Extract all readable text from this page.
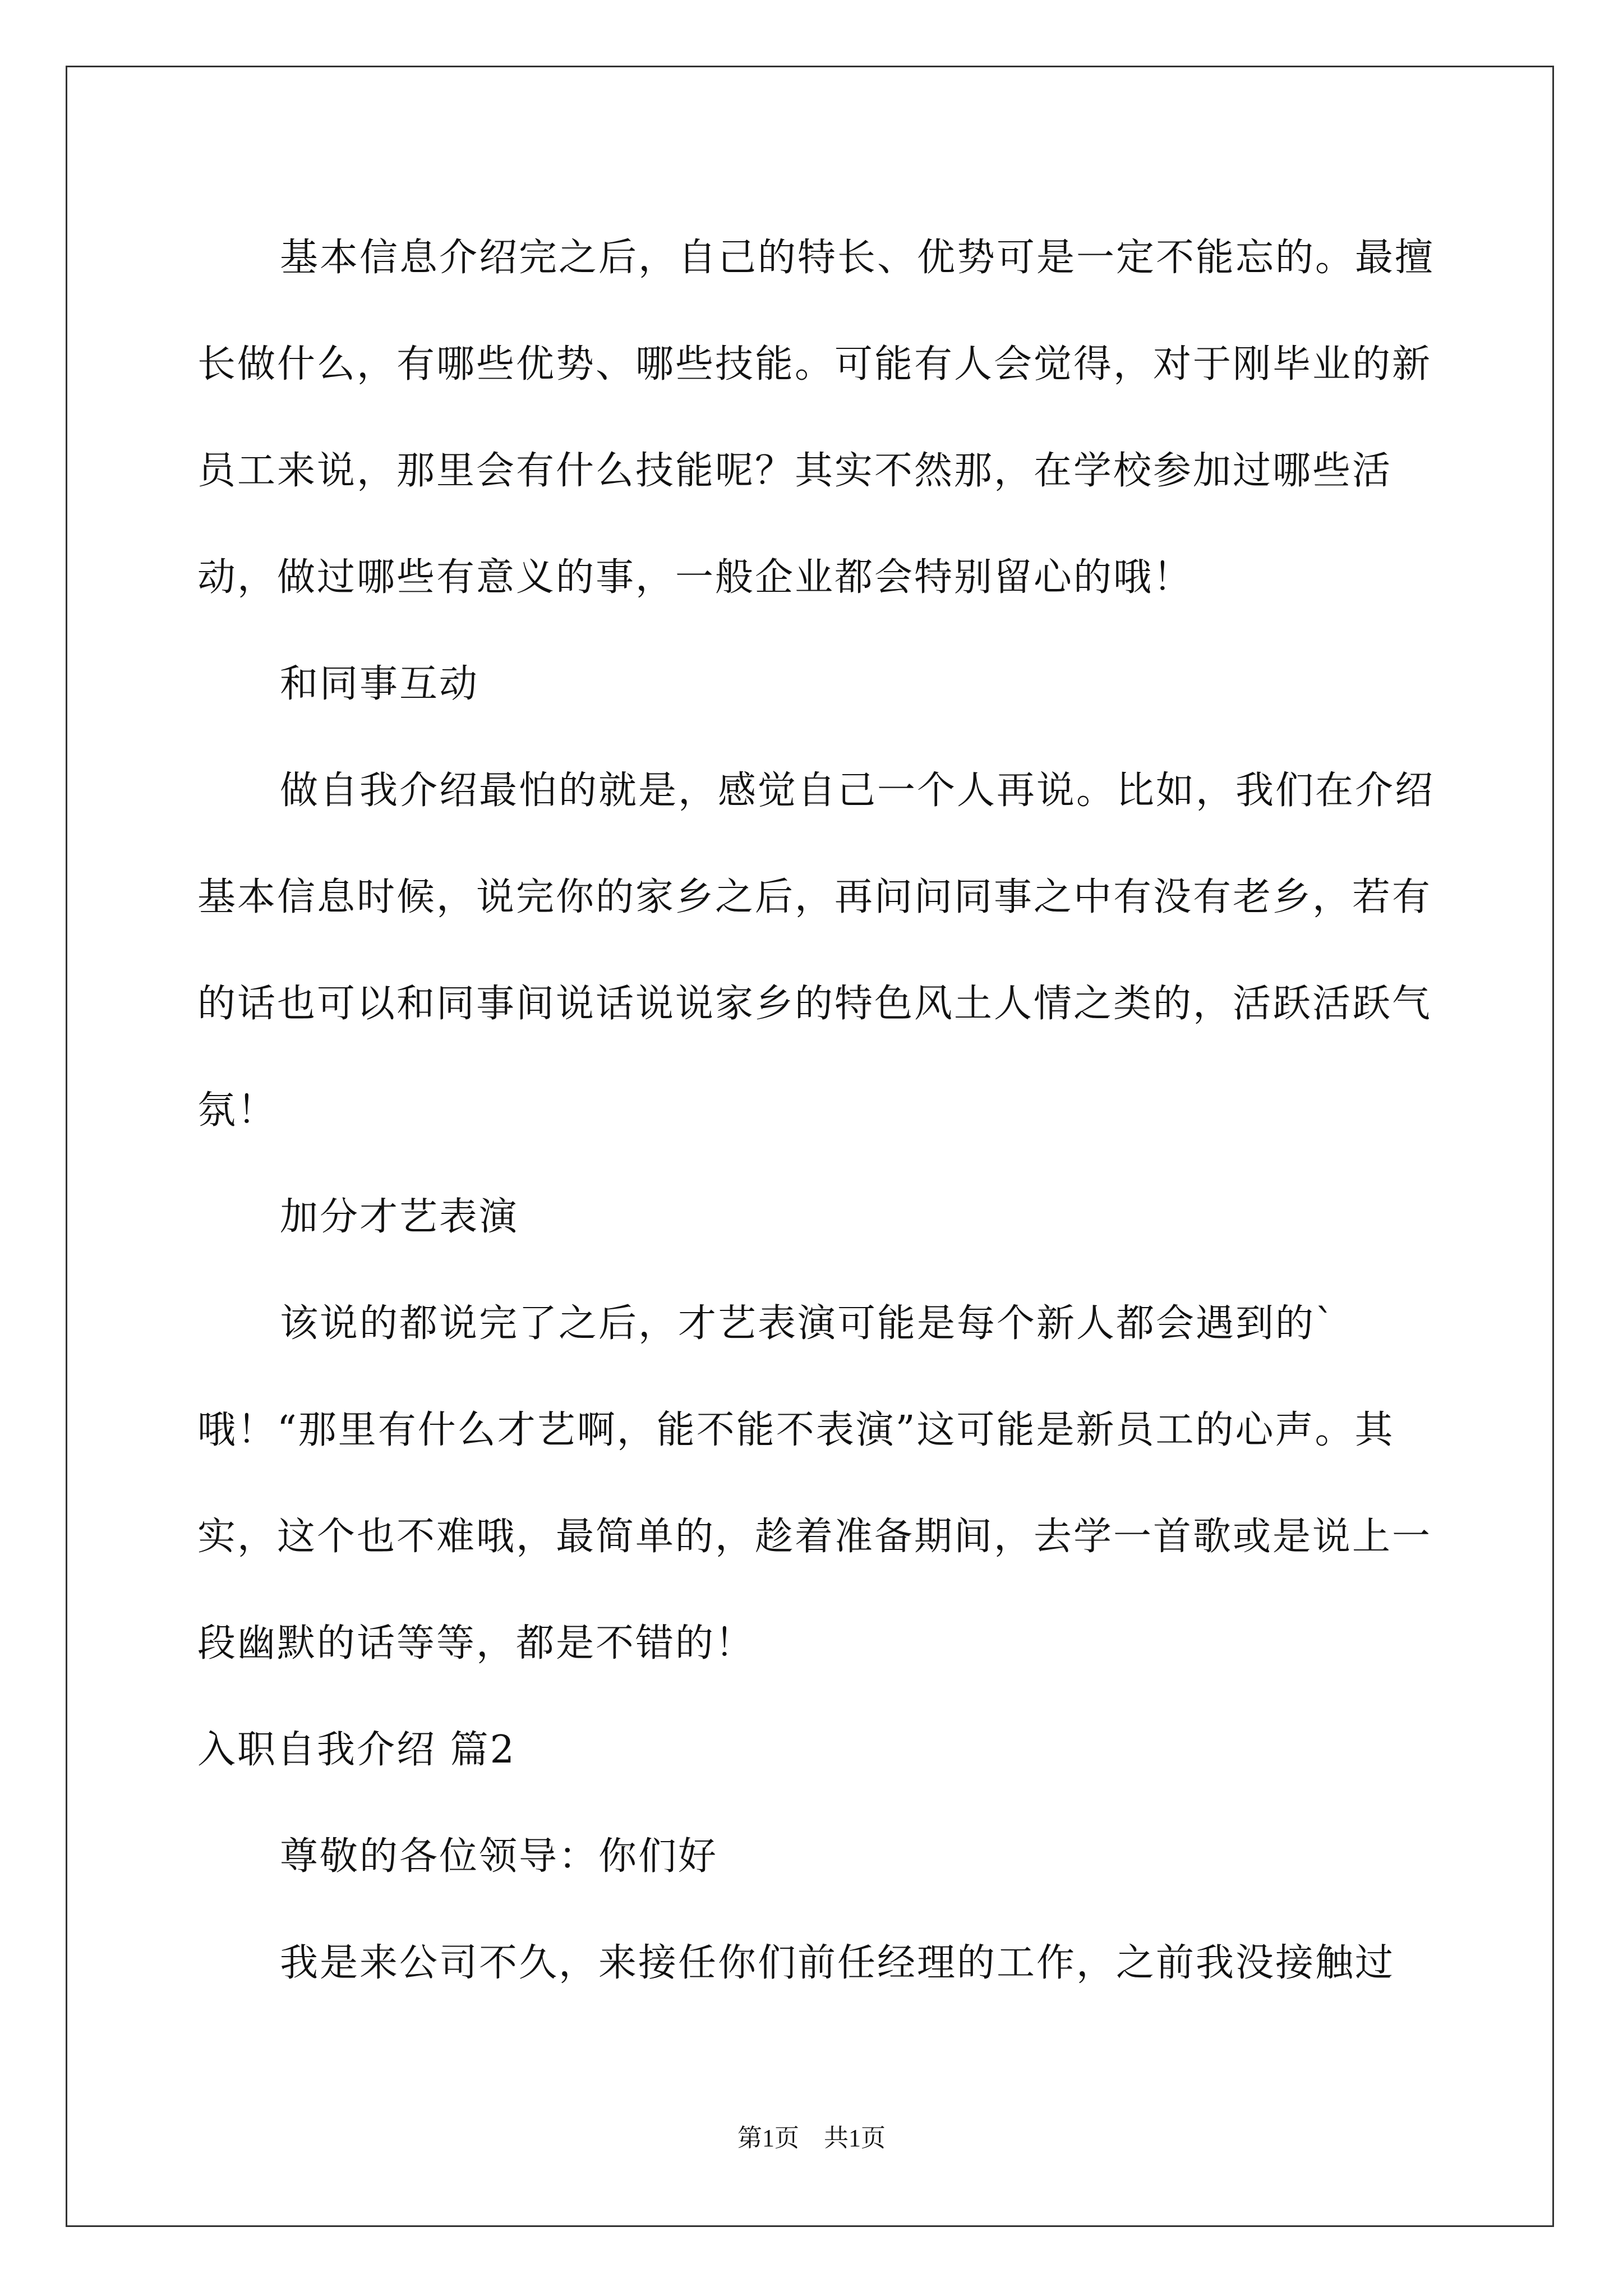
基本信息介绍完之后，自己的特长、优势可是一定不能忘的。最擅长做什么，有哪些优势、哪些技能。可能有人会觉得，对于刚毕业的新员工来说，那里会有什么技能呢？其实不然那，在学校参加过哪些活动，做过哪些有意义的事，一般企业都会特别留心的哦！

和同事互动

做自我介绍最怕的就是，感觉自己一个人再说。比如，我们在介绍基本信息时候，说完你的家乡之后，再问问同事之中有没有老乡，若有的话也可以和同事间说话说说家乡的特色风土人情之类的，活跃活跃气氛！

加分才艺表演

该说的都说完了之后，才艺表演可能是每个新人都会遇到的`哦！“那里有什么才艺啊，能不能不表演”这可能是新员工的心声。其实，这个也不难哦，最简单的，趁着准备期间，去学一首歌或是说上一段幽默的话等等，都是不错的！

入职自我介绍 篇2

尊敬的各位领导：你们好

我是来公司不久，来接任你们前任经理的工作，之前我没接触过

第1页 共1页
